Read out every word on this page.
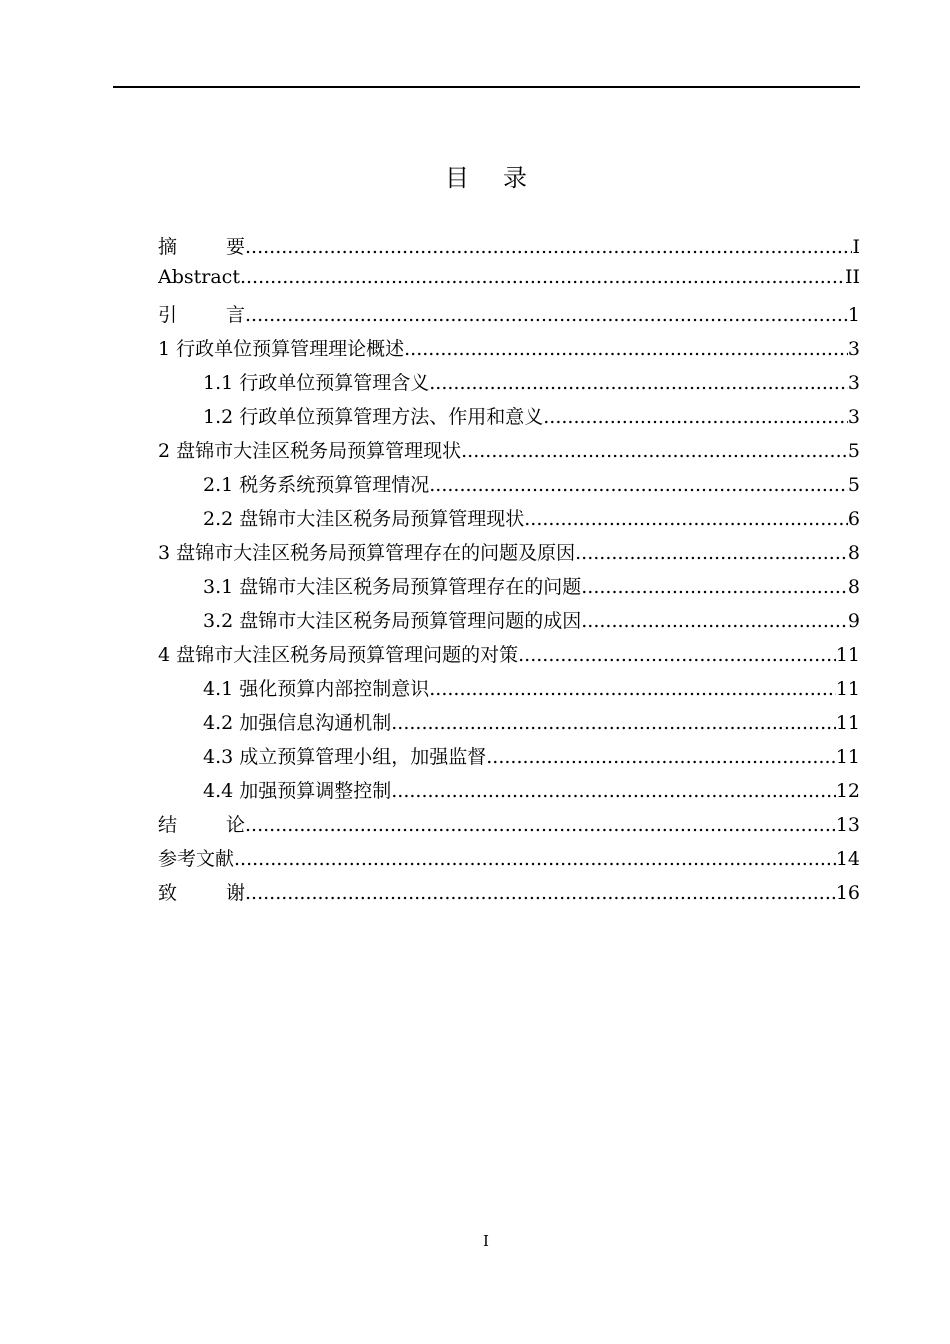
目 录
摘要 .....	I
Abstract .....	II
引言 .....	1
1 行政单位预算管理理论概述 .....	3
1.1 行政单位预算管理含义 .....	3
1.2 行政单位预算管理方法、作用和意义 .....	3
2 盘锦市大洼区税务局预算管理现状 .....	5
2.1 税务系统预算管理情况 .....	5
2.2 盘锦市大洼区税务局预算管理现状 .....	6
3 盘锦市大洼区税务局预算管理存在的问题及原因 .....	8
3.1 盘锦市大洼区税务局预算管理存在的问题 .....	8
3.2 盘锦市大洼区税务局预算管理问题的成因 .....	9
4 盘锦市大洼区税务局预算管理问题的对策 .....	11
4.1 强化预算内部控制意识 .....	11
4.2 加强信息沟通机制 .....	11
4.3 成立预算管理小组，加强监督 .....	11
4.4 加强预算调整控制 .....	12
结论 .....	13
参考文献 .....	14
致谢 .....	16
I
